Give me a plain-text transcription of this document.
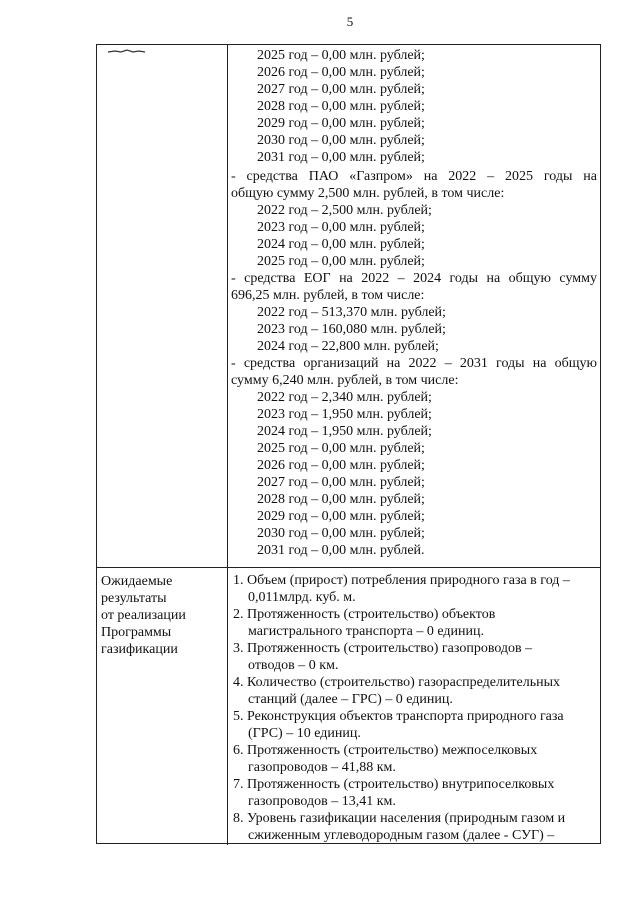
5
2025 год – 0,00 млн. рублей;
2026 год – 0,00 млн. рублей;
2027 год – 0,00 млн. рублей;
2028 год – 0,00 млн. рублей;
2029 год – 0,00 млн. рублей;
2030 год – 0,00 млн. рублей;
2031 год – 0,00 млн. рублей;
- средства ПАО «Газпром» на 2022 – 2025 годы на
общую сумму 2,500 млн. рублей, в том числе:
2022 год – 2,500 млн. рублей;
2023 год – 0,00 млн. рублей;
2024 год – 0,00 млн. рублей;
2025 год – 0,00 млн. рублей;
- средства ЕОГ на 2022 – 2024 годы на общую сумму
696,25 млн. рублей, в том числе:
2022 год – 513,370 млн. рублей;
2023 год – 160,080 млн. рублей;
2024 год – 22,800 млн. рублей;
- средства организаций на 2022 – 2031 годы на общую
сумму 6,240 млн. рублей, в том числе:
2022 год – 2,340 млн. рублей;
2023 год – 1,950 млн. рублей;
2024 год – 1,950 млн. рублей;
2025 год – 0,00 млн. рублей;
2026 год – 0,00 млн. рублей;
2027 год – 0,00 млн. рублей;
2028 год – 0,00 млн. рублей;
2029 год – 0,00 млн. рублей;
2030 год – 0,00 млн. рублей;
2031 год – 0,00 млн. рублей.
Ожидаемые
результаты
от реализации
Программы
газификации
1. Объем (прирост) потребления природного газа в год –
0,011млрд. куб. м.
2. Протяженность (строительство) объектов
магистрального транспорта – 0 единиц.
3. Протяженность (строительство) газопроводов –
отводов – 0 км.
4. Количество (строительство) газораспределительных
станций (далее – ГРС) – 0 единиц.
5. Реконструкция объектов транспорта природного газа
(ГРС) – 10 единиц.
6. Протяженность (строительство) межпоселковых
газопроводов – 41,88 км.
7. Протяженность (строительство) внутрипоселковых
газопроводов – 13,41 км.
8. Уровень газификации населения (природным газом и
сжиженным углеводородным газом (далее - СУГ) –
